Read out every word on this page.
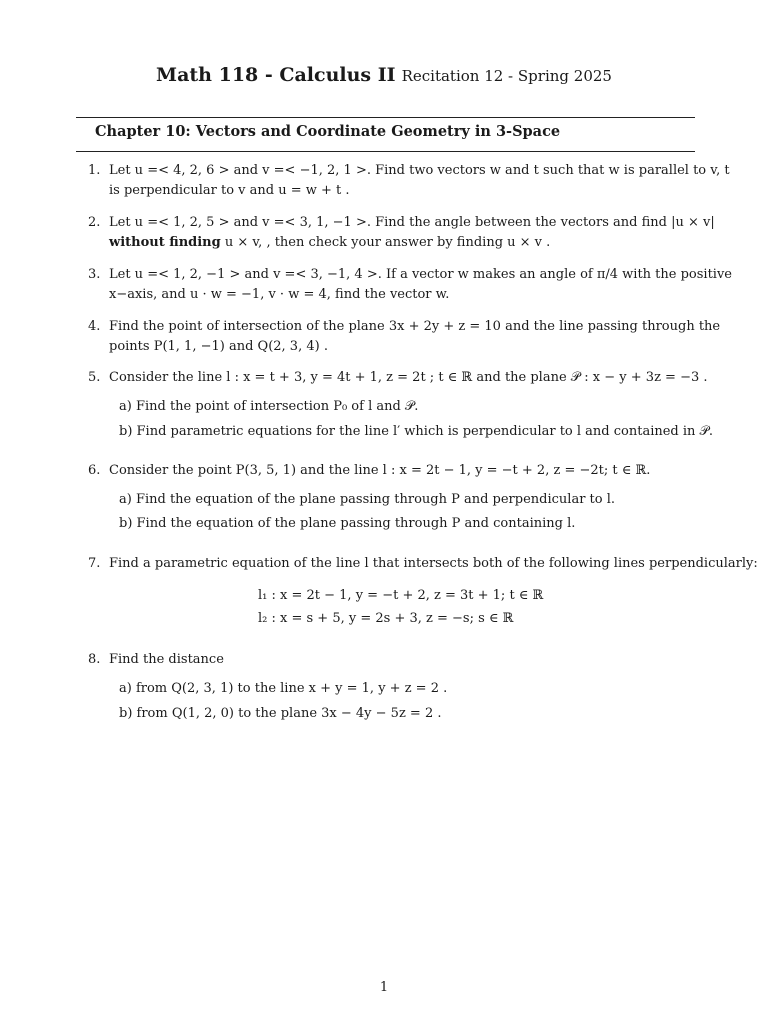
Math 118 - Calculus II Recitation 12 - Spring 2025
Chapter 10: Vectors and Coordinate Geometry in 3-Space
1. Let u =< 4, 2, 6 > and v =< −1, 2, 1 >. Find two vectors w and t such that w is parallel to v, t
is perpendicular to v and u = w + t .
2. Let u =< 1, 2, 5 > and v =< 3, 1, −1 >. Find the angle between the vectors and find |u × v|
without finding u × v, , then check your answer by finding u × v .
3. Let u =< 1, 2, −1 > and v =< 3, −1, 4 >. If a vector w makes an angle of π/4 with the positive
x−axis, and u · w = −1, v · w = 4, find the vector w.
4. Find the point of intersection of the plane 3x + 2y + z = 10 and the line passing through the
points P(1, 1, −1) and Q(2, 3, 4) .
5. Consider the line l : x = t + 3, y = 4t + 1, z = 2t ; t ∈ ℝ and the plane 𝒫 : x − y + 3z = −3 .
a) Find the point of intersection P₀ of l and 𝒫.
b) Find parametric equations for the line l′ which is perpendicular to l and contained in 𝒫.
6. Consider the point P(3, 5, 1) and the line l : x = 2t − 1, y = −t + 2, z = −2t; t ∈ ℝ.
a) Find the equation of the plane passing through P and perpendicular to l.
b) Find the equation of the plane passing through P and containing l.
7. Find a parametric equation of the line l that intersects both of the following lines perpendicularly:
l₁ : x = 2t − 1, y = −t + 2, z = 3t + 1; t ∈ ℝ
l₂ : x = s + 5, y = 2s + 3, z = −s; s ∈ ℝ
8. Find the distance
a) from Q(2, 3, 1) to the line x + y = 1, y + z = 2 .
b) from Q(1, 2, 0) to the plane 3x − 4y − 5z = 2 .
1
